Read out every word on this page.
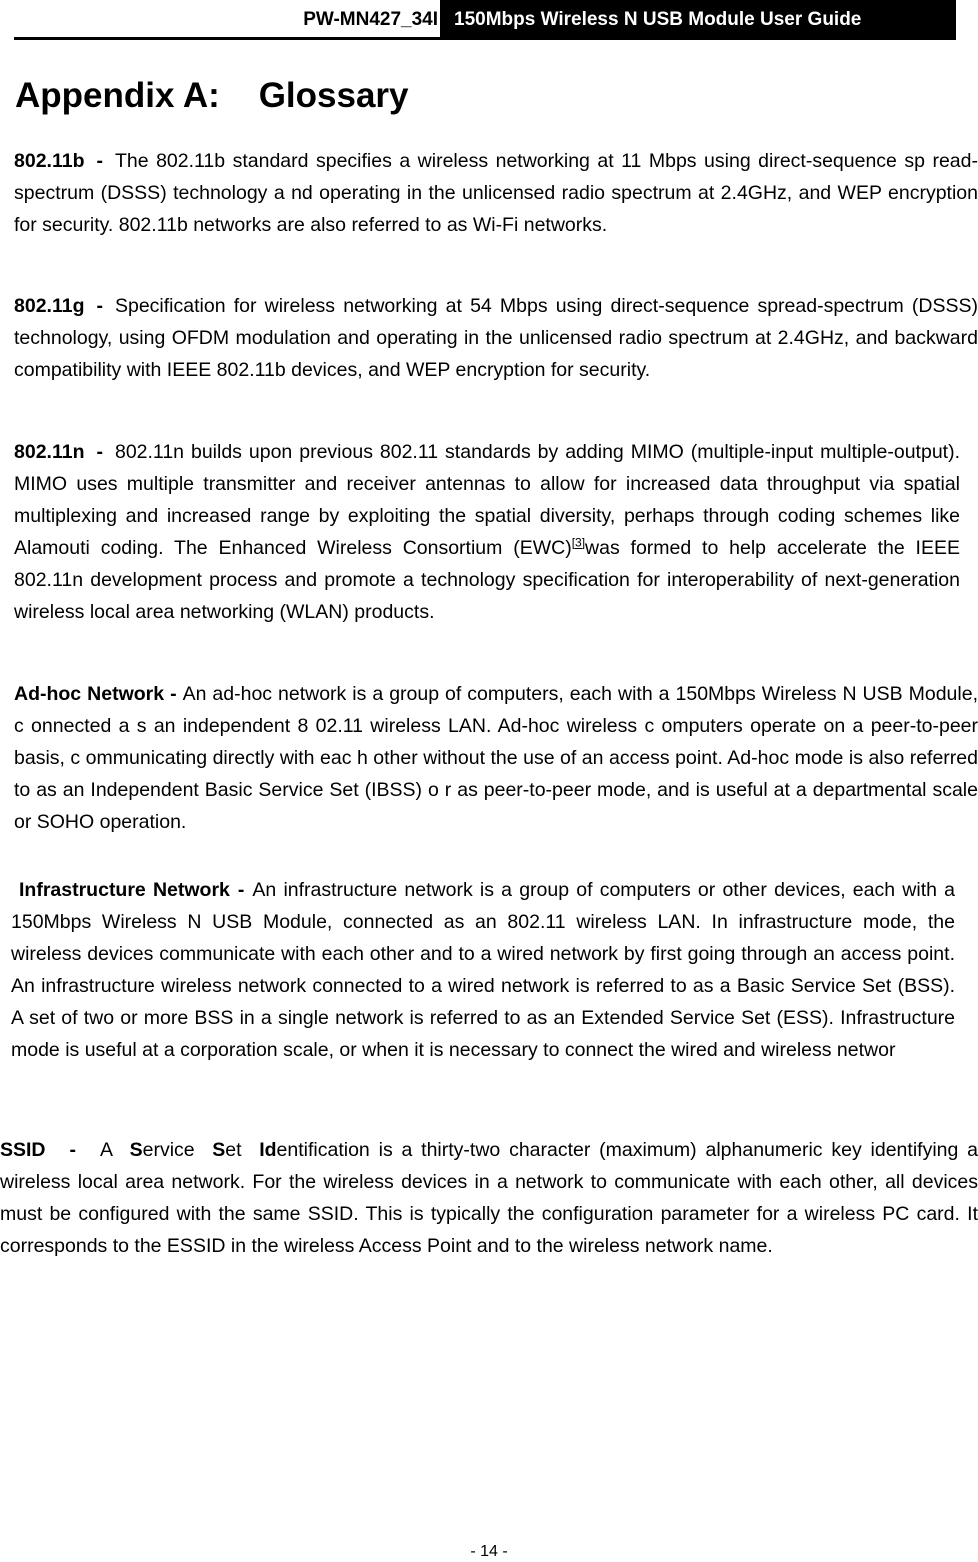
PW-MN427_34I 150Mbps Wireless N USB Module User Guide
Appendix A:    Glossary

802.11b - The 802.11b standard specifies a wireless networking at 11 Mbps using direct-sequence sp read-spectrum (DSSS) technology a nd operating in the unlicensed radio spectrum at 2.4GHz, and WEP encryption for security. 802.11b networks are also referred to as Wi-Fi networks.

802.11g - Specification for wireless networking at 54 Mbps using direct-sequence spread-spectrum (DSSS) technology, using OFDM modulation and operating in the unlicensed radio spectrum at 2.4GHz, and backward compatibility with IEEE 802.11b devices, and WEP encryption for security.

802.11n - 802.11n builds upon previous 802.11 standards by adding MIMO (multiple-input multiple-output). MIMO uses multiple transmitter and receiver antennas to allow for increased data throughput via spatial multiplexing and increased range by exploiting the spatial diversity, perhaps through coding schemes like Alamouti coding. The Enhanced Wireless Consortium (EWC)[3]was formed to help accelerate the IEEE 802.11n development process and promote a technology specification for interoperability of next-generation wireless local area networking (WLAN) products.

Ad-hoc Network - An ad-hoc network is a group of computers, each with a 150Mbps Wireless N USB Module, c onnected a s an independent 8 02.11 wireless LAN. Ad-hoc wireless c omputers operate on a peer-to-peer basis, c ommunicating directly with eac h other without the use of an access point. Ad-hoc mode is also referred to as an Independent Basic Service Set (IBSS) o r as peer-to-peer mode, and is useful at a departmental scale or SOHO operation.

Infrastructure Network - An infrastructure network is a group of computers or other devices, each with a 150Mbps Wireless N USB Module, connected as an 802.11 wireless LAN. In infrastructure mode, the wireless devices communicate with each other and to a wired network by first going through an access point. An infrastructure wireless network connected to a wired network is referred to as a Basic Service Set (BSS). A set of two or more BSS in a single network is referred to as an Extended Service Set (ESS). Infrastructure mode is useful at a corporation scale, or when it is necessary to connect the wired and wireless networ

SSID - A Service Set Identification is a thirty-two character (maximum) alphanumeric key identifying a wireless local area network. For the wireless devices in a network to communicate with each other, all devices must be configured with the same SSID. This is typically the configuration parameter for a wireless PC card. It corresponds to the ESSID in the wireless Access Point and to the wireless network name.

- 14 -
